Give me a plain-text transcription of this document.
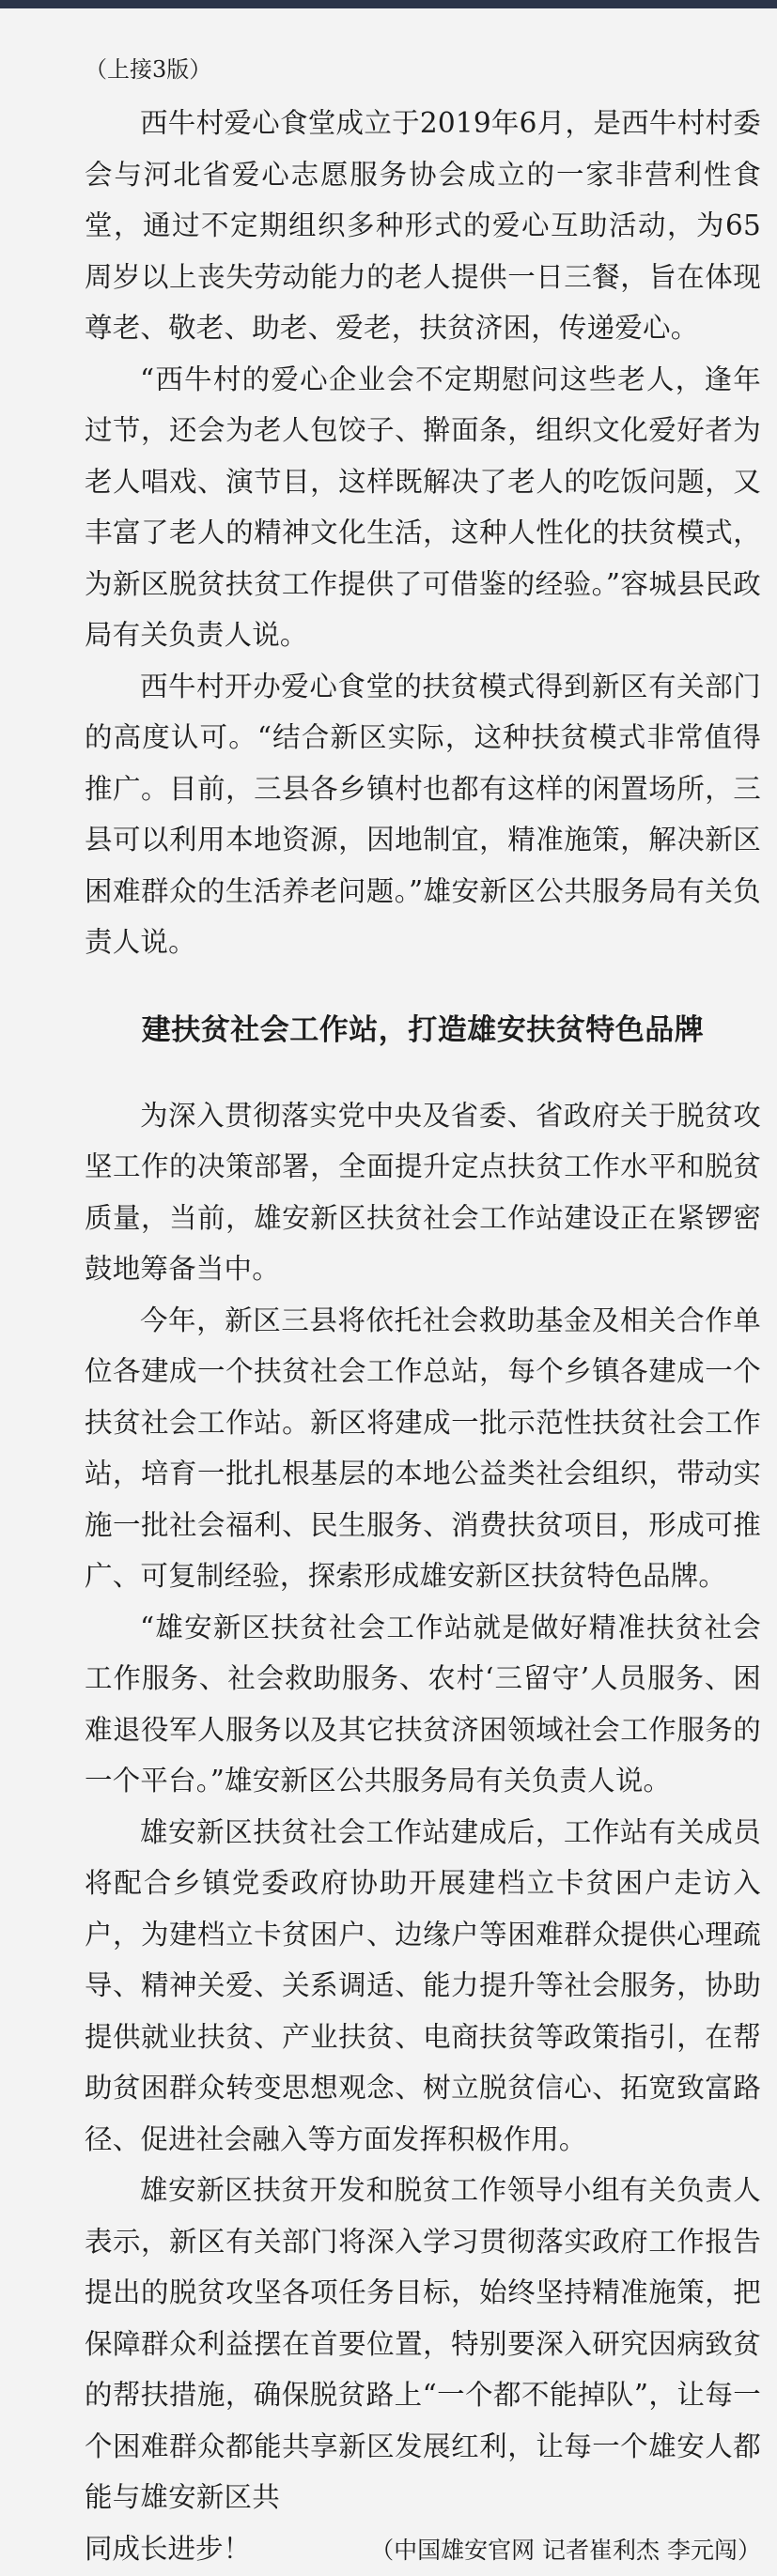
（上接3版）

西牛村爱心食堂成立于2019年6月，是西牛村村委会与河北省爱心志愿服务协会成立的一家非营利性食堂，通过不定期组织多种形式的爱心互助活动，为65周岁以上丧失劳动能力的老人提供一日三餐，旨在体现尊老、敬老、助老、爱老，扶贫济困，传递爱心。

“西牛村的爱心企业会不定期慰问这些老人，逢年过节，还会为老人包饺子、擀面条，组织文化爱好者为老人唱戏、演节目，这样既解决了老人的吃饭问题，又丰富了老人的精神文化生活，这种人性化的扶贫模式，为新区脱贫扶贫工作提供了可借鉴的经验。”容城县民政局有关负责人说。

西牛村开办爱心食堂的扶贫模式得到新区有关部门的高度认可。“结合新区实际，这种扶贫模式非常值得推广。目前，三县各乡镇村也都有这样的闲置场所，三县可以利用本地资源，因地制宜，精准施策，解决新区困难群众的生活养老问题。”雄安新区公共服务局有关负责人说。

建扶贫社会工作站，打造雄安扶贫特色品牌

为深入贯彻落实党中央及省委、省政府关于脱贫攻坚工作的决策部署，全面提升定点扶贫工作水平和脱贫质量，当前，雄安新区扶贫社会工作站建设正在紧锣密鼓地筹备当中。

今年，新区三县将依托社会救助基金及相关合作单位各建成一个扶贫社会工作总站，每个乡镇各建成一个扶贫社会工作站。新区将建成一批示范性扶贫社会工作站，培育一批扎根基层的本地公益类社会组织，带动实施一批社会福利、民生服务、消费扶贫项目，形成可推广、可复制经验，探索形成雄安新区扶贫特色品牌。

“雄安新区扶贫社会工作站就是做好精准扶贫社会工作服务、社会救助服务、农村‘三留守’人员服务、困难退役军人服务以及其它扶贫济困领域社会工作服务的一个平台。”雄安新区公共服务局有关负责人说。

雄安新区扶贫社会工作站建成后，工作站有关成员将配合乡镇党委政府协助开展建档立卡贫困户走访入户，为建档立卡贫困户、边缘户等困难群众提供心理疏导、精神关爱、关系调适、能力提升等社会服务，协助提供就业扶贫、产业扶贫、电商扶贫等政策指引，在帮助贫困群众转变思想观念、树立脱贫信心、拓宽致富路径、促进社会融入等方面发挥积极作用。

雄安新区扶贫开发和脱贫工作领导小组有关负责人表示，新区有关部门将深入学习贯彻落实政府工作报告提出的脱贫攻坚各项任务目标，始终坚持精准施策，把保障群众利益摆在首要位置，特别要深入研究因病致贫的帮扶措施，确保脱贫路上“一个都不能掉队”，让每一个困难群众都能共享新区发展红利，让每一个雄安人都能与雄安新区共

同成长进步！	（中国雄安官网 记者崔利杰 李元闯）
